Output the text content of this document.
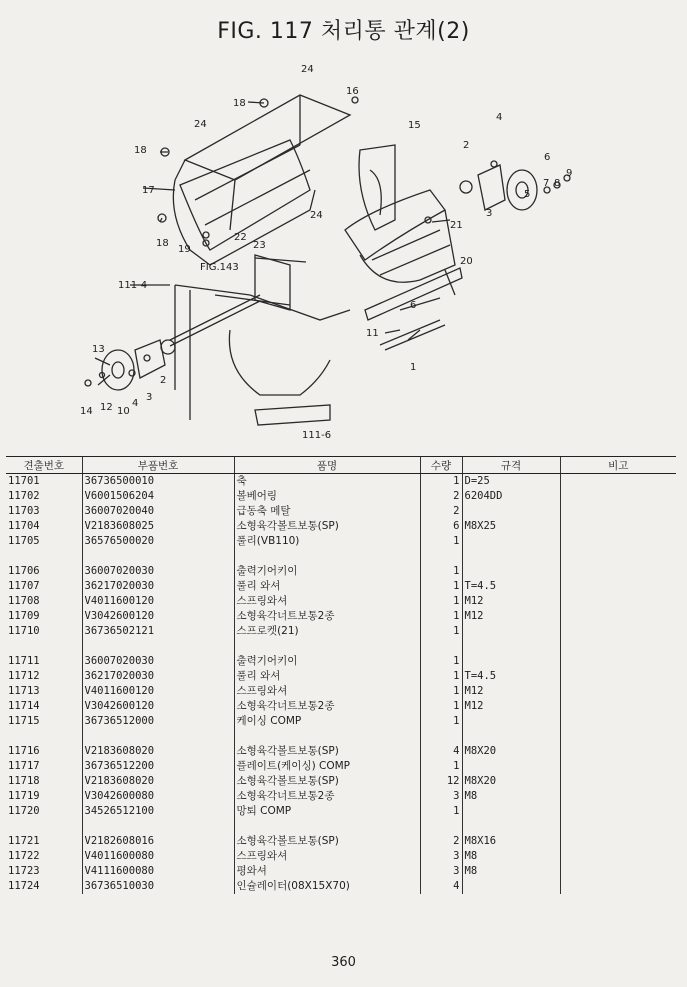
FIG. 117 처리통 관계(2)
24
18
16
15
4
24
18	2
3
17
8
9
7
6
5
24
21
18
22
19	23
20
FIG.143
111-4
6
11
1
13
2
3
4
12 10
14
111-6
견출번호	부품번호	품명	수량	규격	비고
11701	36736500010	축	1	D=25	
11702	V6001506204	볼베어링	2	6204DD	
11703	36007020040	급동축 메탈	2		
11704	V2183608025	소형육각볼트보통(SP)	6	M8X25	
11705	36576500020	풀리(VB110)	1		

11706	36007020030	출력기어키이	1		
11707	36217020030	풀리 와셔	1	T=4.5	
11708	V4011600120	스프링와셔	1	M12	
11709	V3042600120	소형육각너트보통2종	1	M12	
11710	36736502121	스프로켓(21)	1		

11711	36007020030	출력기어키이	1		
11712	36217020030	풀리 와셔	1	T=4.5	
11713	V4011600120	스프링와셔	1	M12	
11714	V3042600120	소형육각너트보통2종	1	M12	
11715	36736512000	케이싱 COMP	1		

11716	V2183608020	소형육각볼트보통(SP)	4	M8X20	
11717	36736512200	플레이트(케이싱) COMP	1		
11718	V2183608020	소형육각볼트보통(SP)	12	M8X20	
11719	V3042600080	소형육각너트보통2종	3	M8	
11720	34526512100	망퇴 COMP	1		

11721	V2182608016	소형육각볼트보통(SP)	2	M8X16	
11722	V4011600080	스프링와셔	3	M8	
11723	V4111600080	평와셔	3	M8	
11724	36736510030	인슐레이터(08X15X70)	4		
360
